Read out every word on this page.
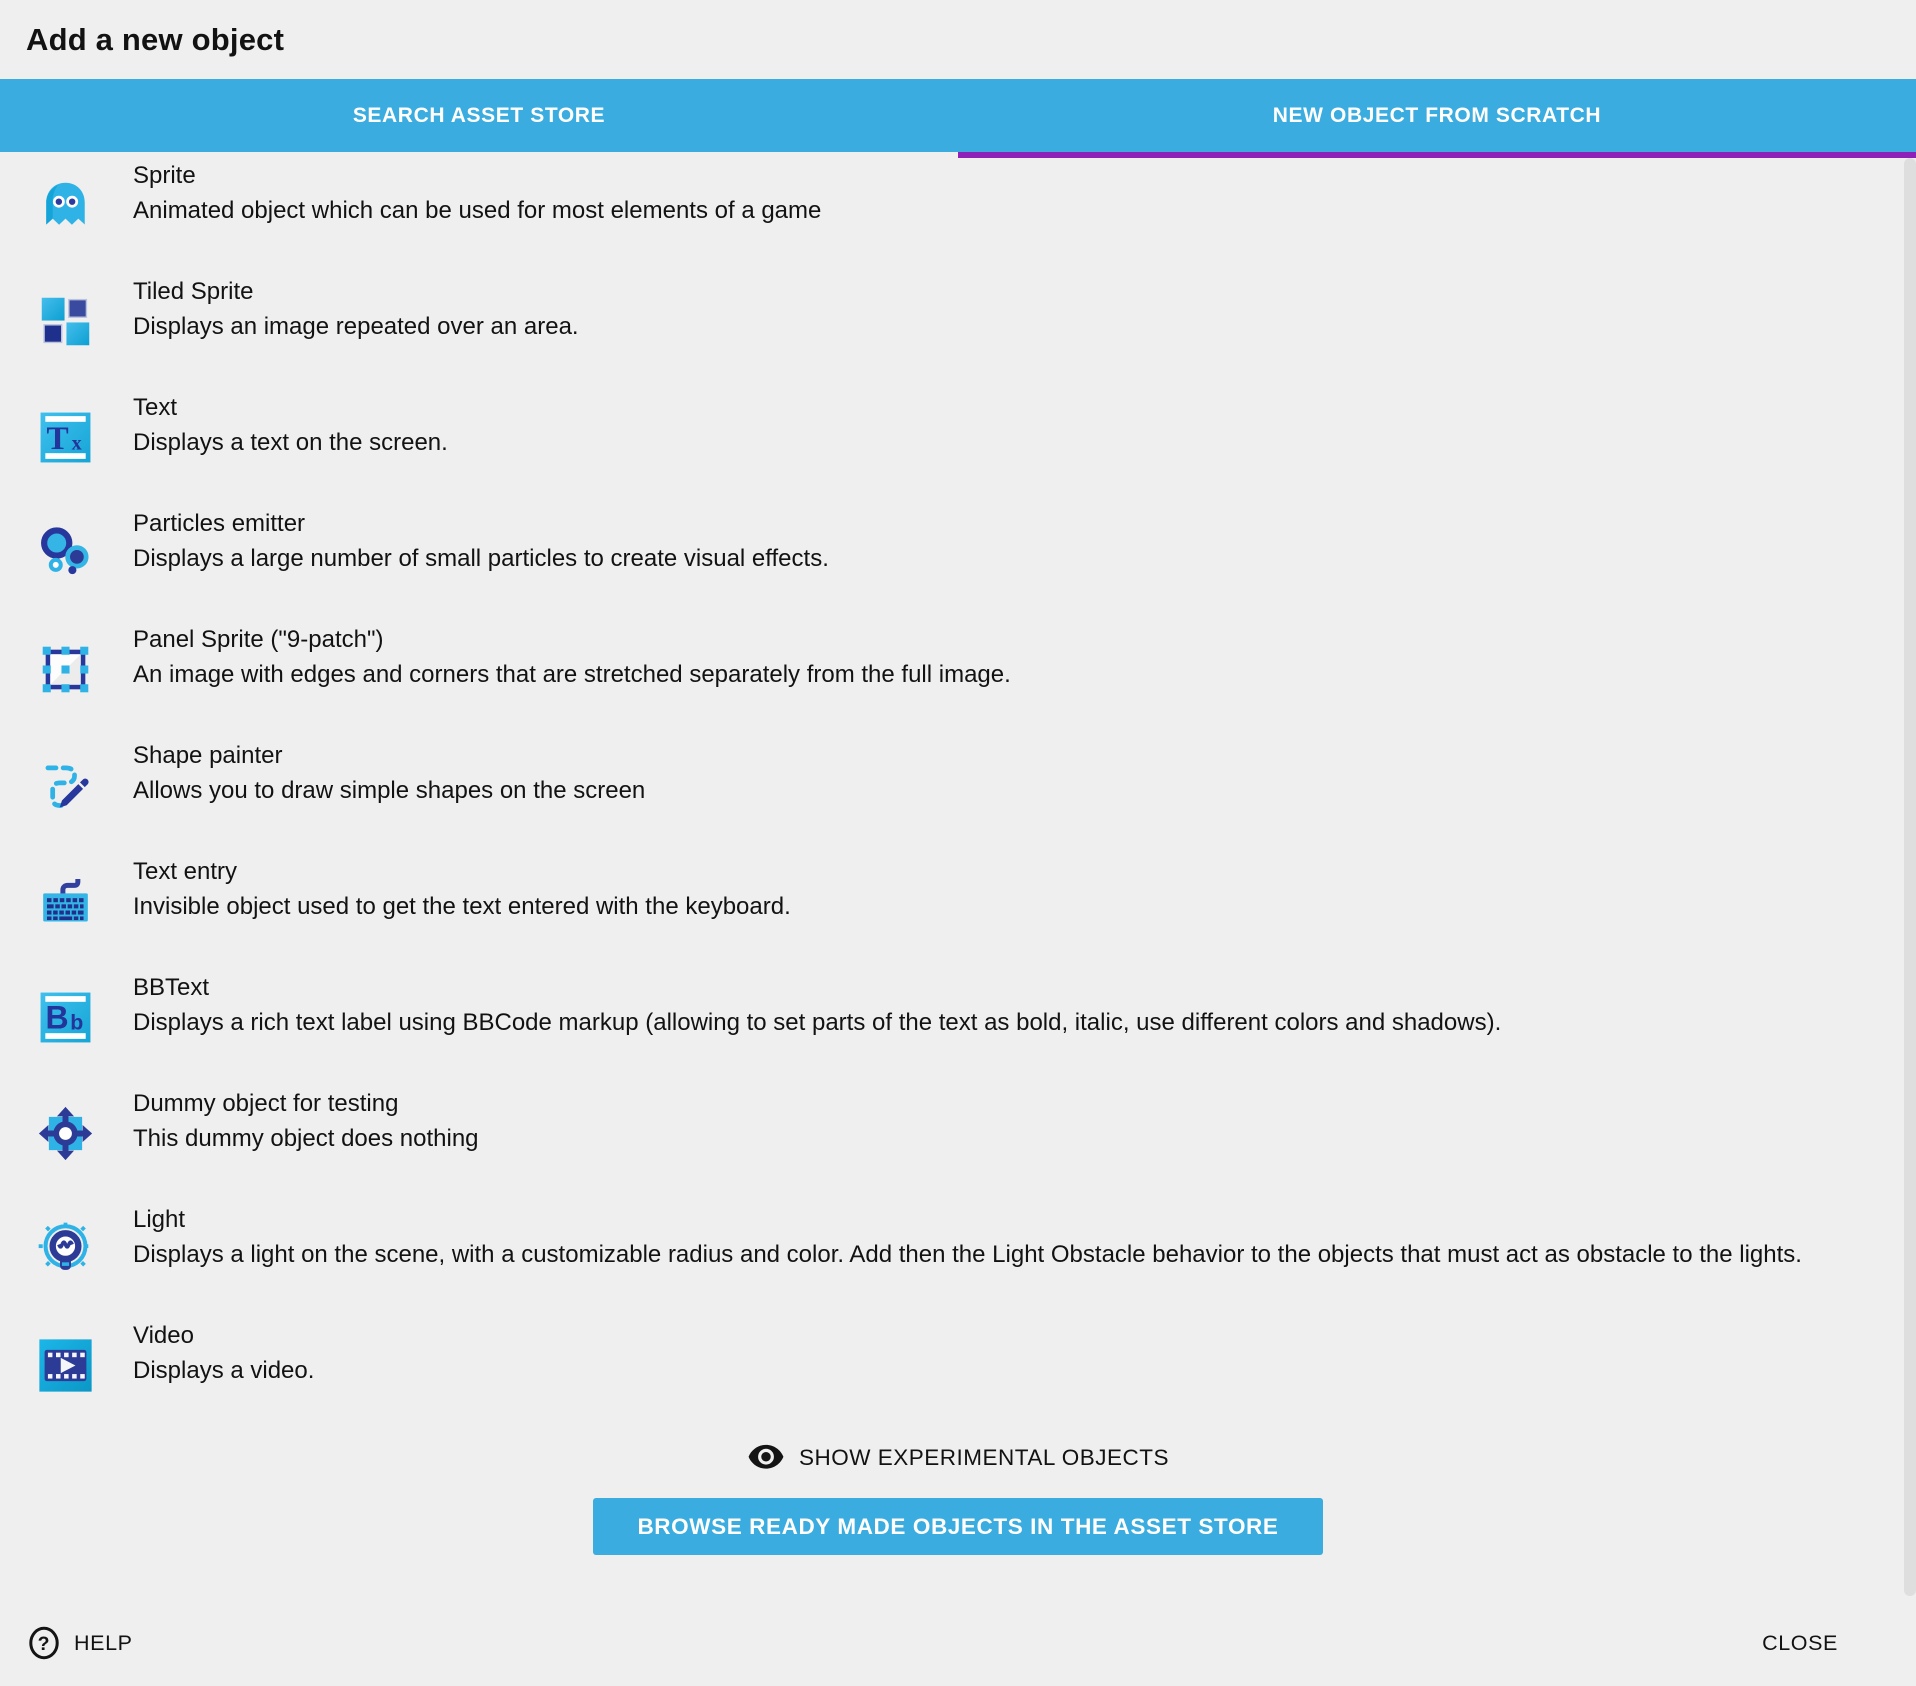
Add a new object
SEARCH ASSET STORE	NEW OBJECT FROM SCRATCH
Sprite
Animated object which can be used for most elements of a game
Tiled Sprite
Displays an image repeated over an area.
T x
Text
Displays a text on the screen.
Particles emitter
Displays a large number of small particles to create visual effects.
Panel Sprite ("9-patch")
An image with edges and corners that are stretched separately from the full image.
Shape painter
Allows you to draw simple shapes on the screen
Text entry
Invisible object used to get the text entered with the keyboard.
B b
BBText
Displays a rich text label using BBCode markup (allowing to set parts of the text as bold, italic, use different colors and shadows).
Dummy object for testing
This dummy object does nothing
Light
Displays a light on the scene, with a customizable radius and color. Add then the Light Obstacle behavior to the objects that must act as obstacle to the lights.
Video
Displays a video.
SHOW EXPERIMENTAL OBJECTS
BROWSE READY MADE OBJECTS IN THE ASSET STORE
? HELP	CLOSE
